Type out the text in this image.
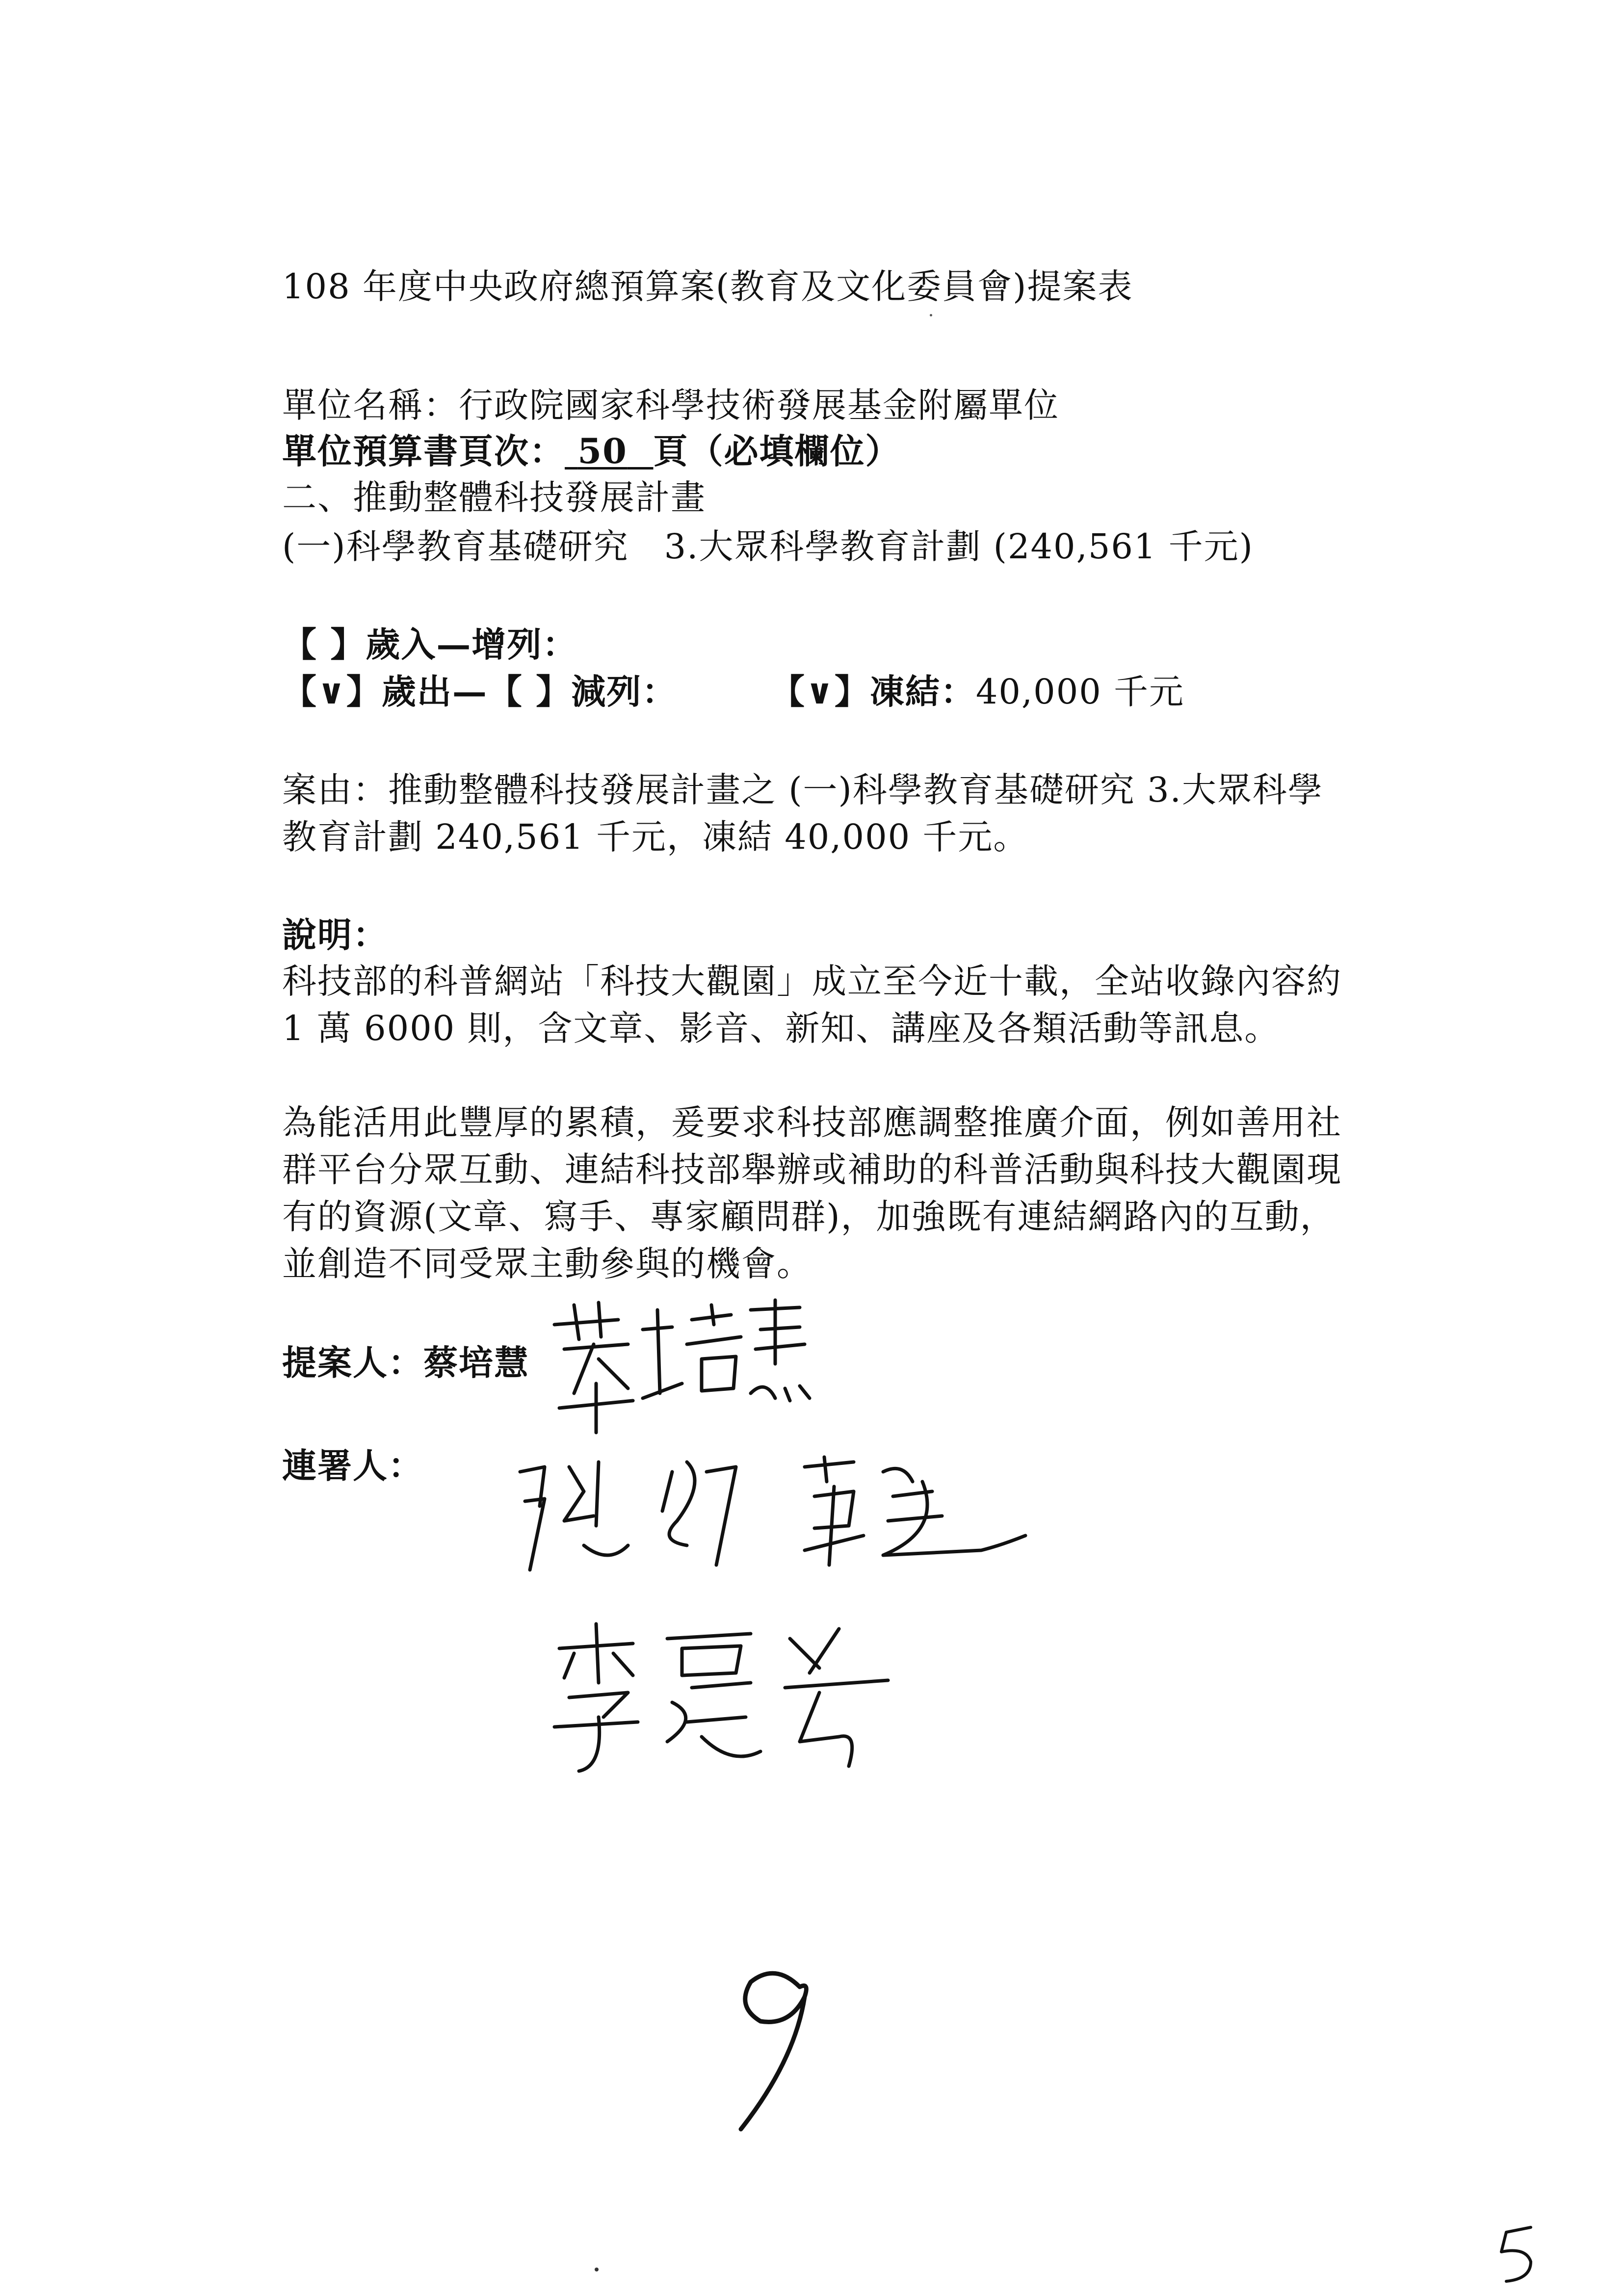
108 年度中央政府總預算案(教育及文化委員會)提案表
單位名稱：行政院國家科學技術發展基金附屬單位
單位預算書頁次： 50 頁（必填欄位）
二、推動整體科技發展計畫
(一)科學教育基礎研究　3.大眾科學教育計劃 (240,561 千元)
【 】歲入—增列：
【∨】歲出—【 】減列：	【∨】凍結：40,000 千元
案由：推動整體科技發展計畫之 (一)科學教育基礎研究 3.大眾科學
教育計劃 240,561 千元，凍結 40,000 千元。
說明：
科技部的科普網站「科技大觀園」成立至今近十載，全站收錄內容約
1 萬 6000 則，含文章、影音、新知、講座及各類活動等訊息。
為能活用此豐厚的累積，爰要求科技部應調整推廣介面，例如善用社
群平台分眾互動、連結科技部舉辦或補助的科普活動與科技大觀園現
有的資源(文章、寫手、專家顧問群)，加強既有連結網路內的互動，
並創造不同受眾主動參與的機會。
提案人：蔡培慧
連署人：
